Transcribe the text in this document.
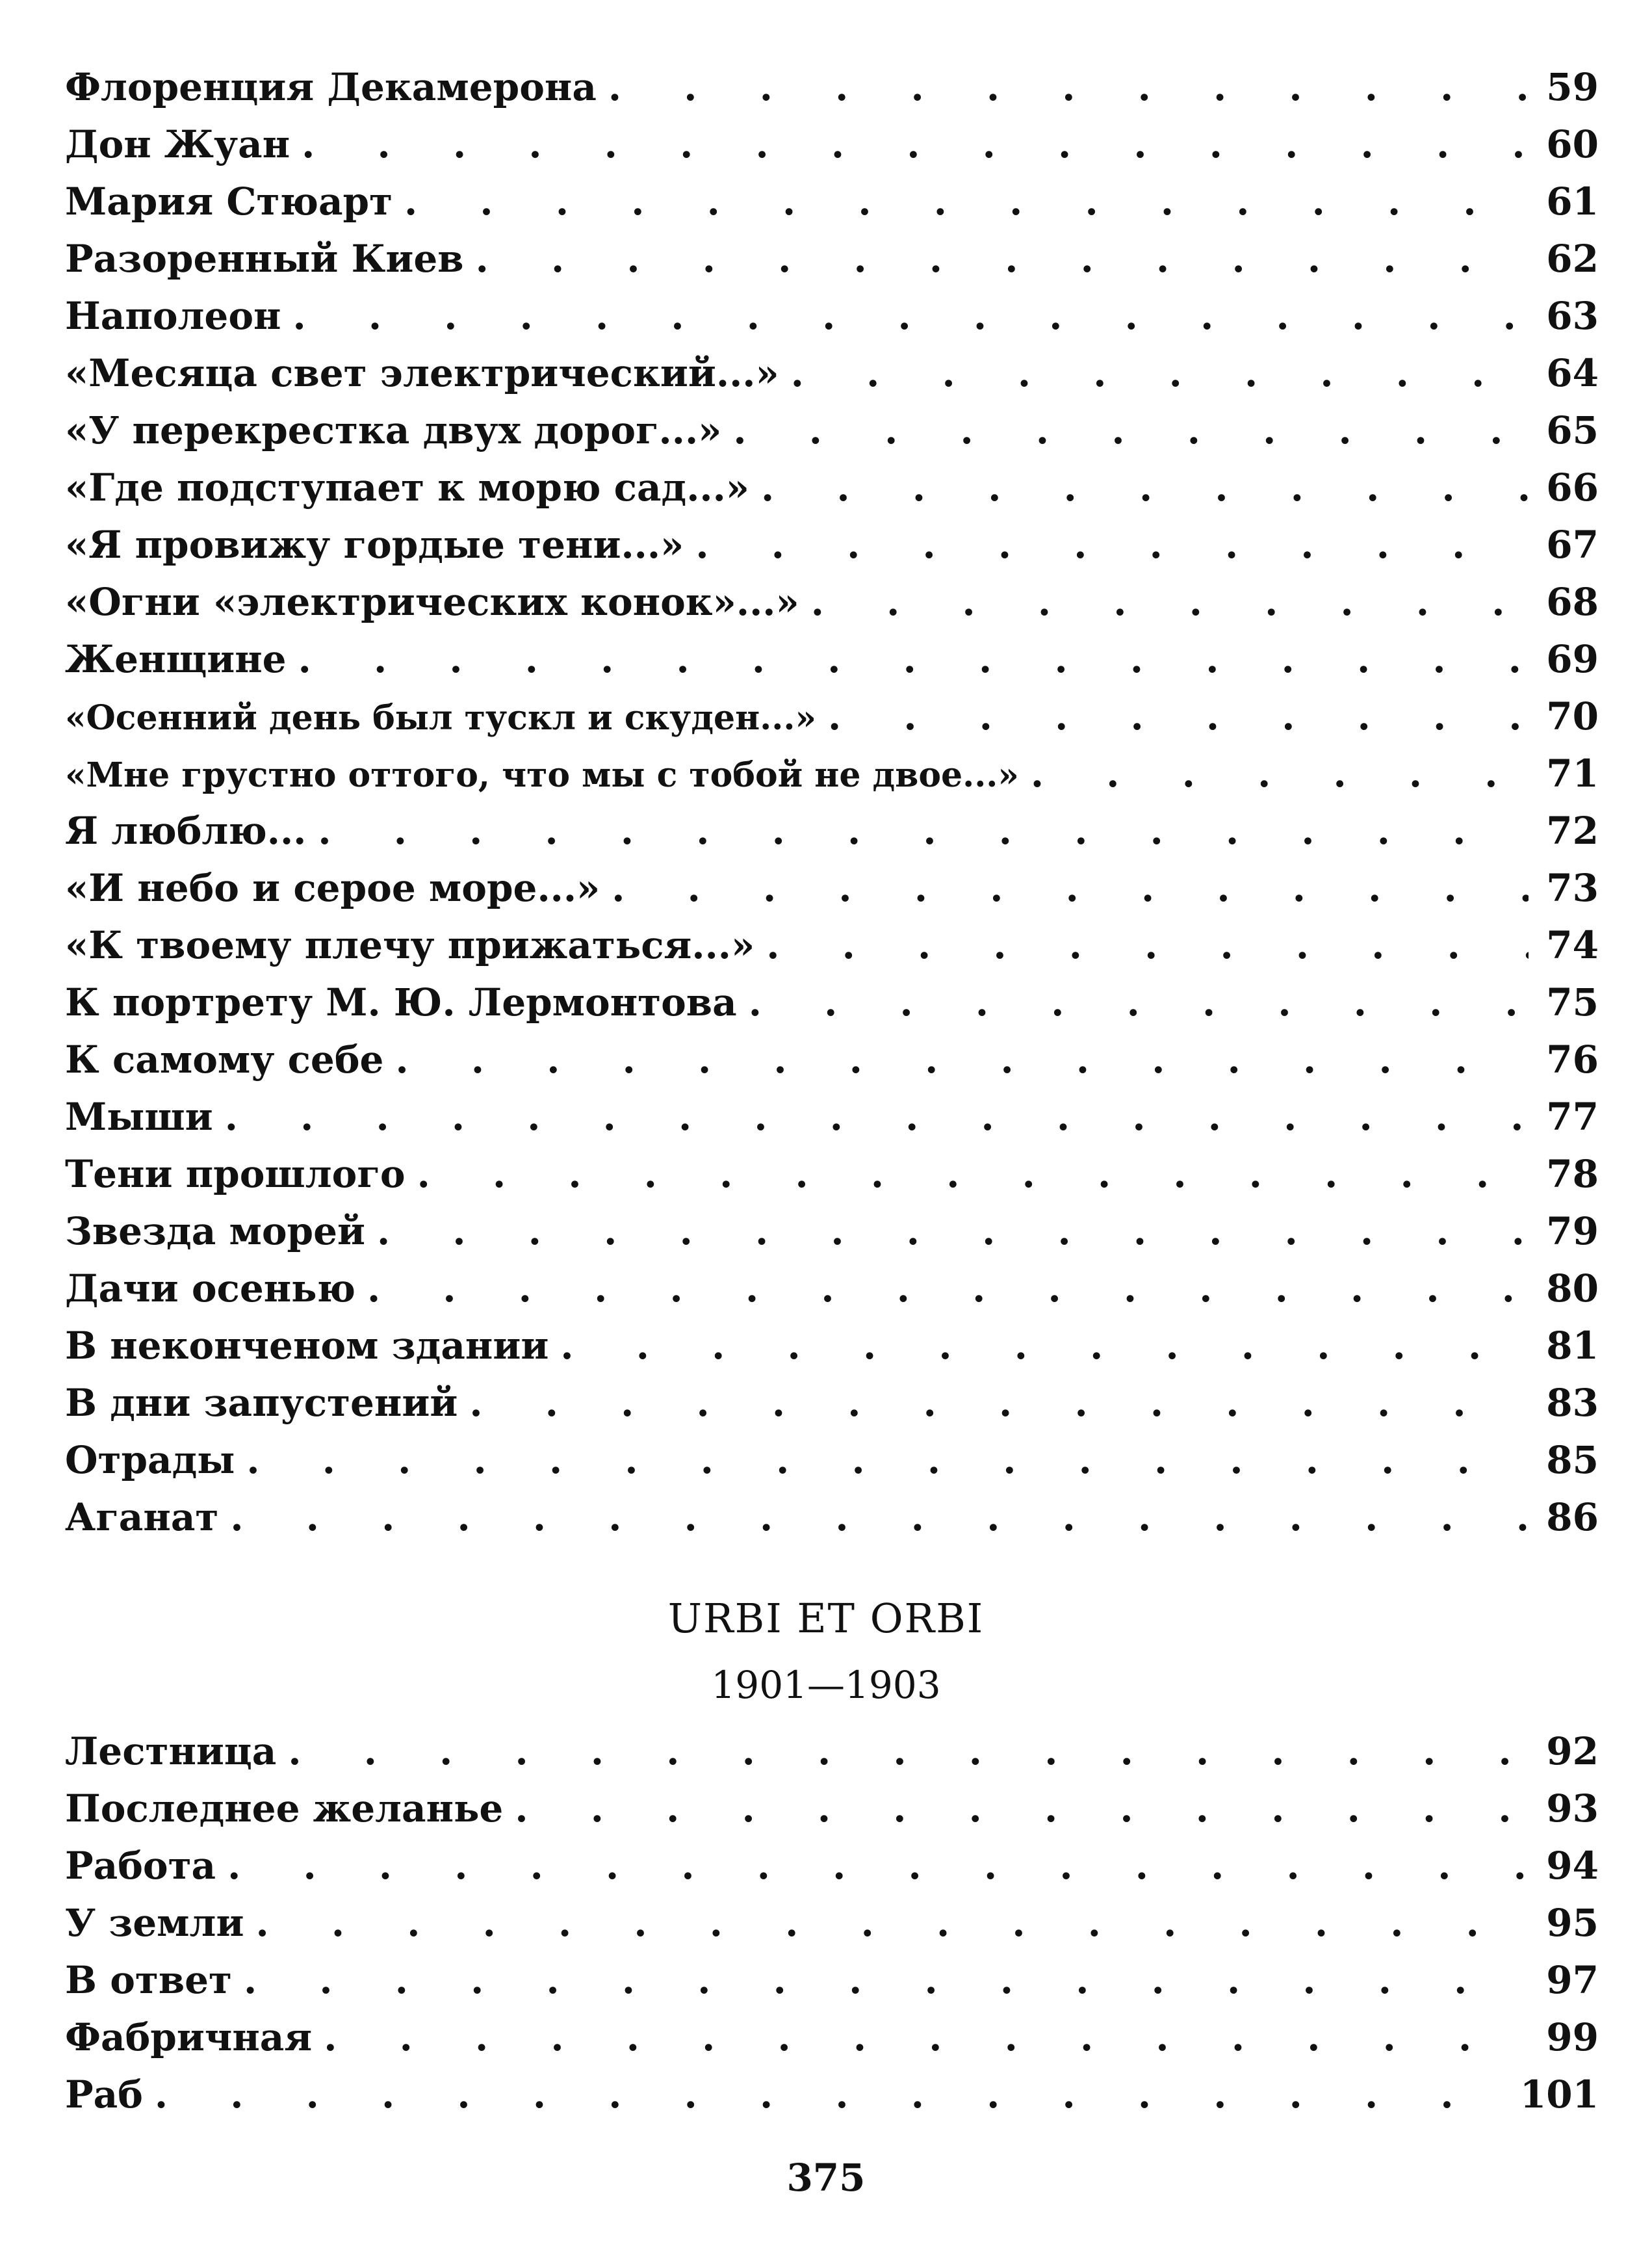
Флоренция Декамерона . . .	59
Дон Жуан . . .	60
Мария Стюарт . . .	61
Разоренный Киев . . .	62
Наполеон . . .	63
«Месяца свет электрический...» . . .	64
«У перекрестка двух дорог...» . . .	65
«Где подступает к морю сад...» . . .	66
«Я провижу гордые тени...» . . .	67
«Огни «электрических конок»...» . . .	68
Женщине . . .	69
«Осенний день был тускл и скуден...» . . .	70
«Мне грустно оттого, что мы с тобой не двое...» . . .	71
Я люблю... . . .	72
«И небо и серое море...» . . .	73
«К твоему плечу прижаться...» . . .	74
К портрету М. Ю. Лермонтова . . .	75
К самому себе . . .	76
Мыши . . .	77
Тени прошлого . . .	78
Звезда морей . . .	79
Дачи осенью . . .	80
В неконченом здании . . .	81
В дни запустений . . .	83
Отрады . . .	85
Аганат . . .	86
URBI ET ORBI
1901—1903
Лестница . . .	92
Последнее желанье . . .	93
Работа . . .	94
У земли . . .	95
В ответ . . .	97
Фабричная . . .	99
Раб . . .	101
375
